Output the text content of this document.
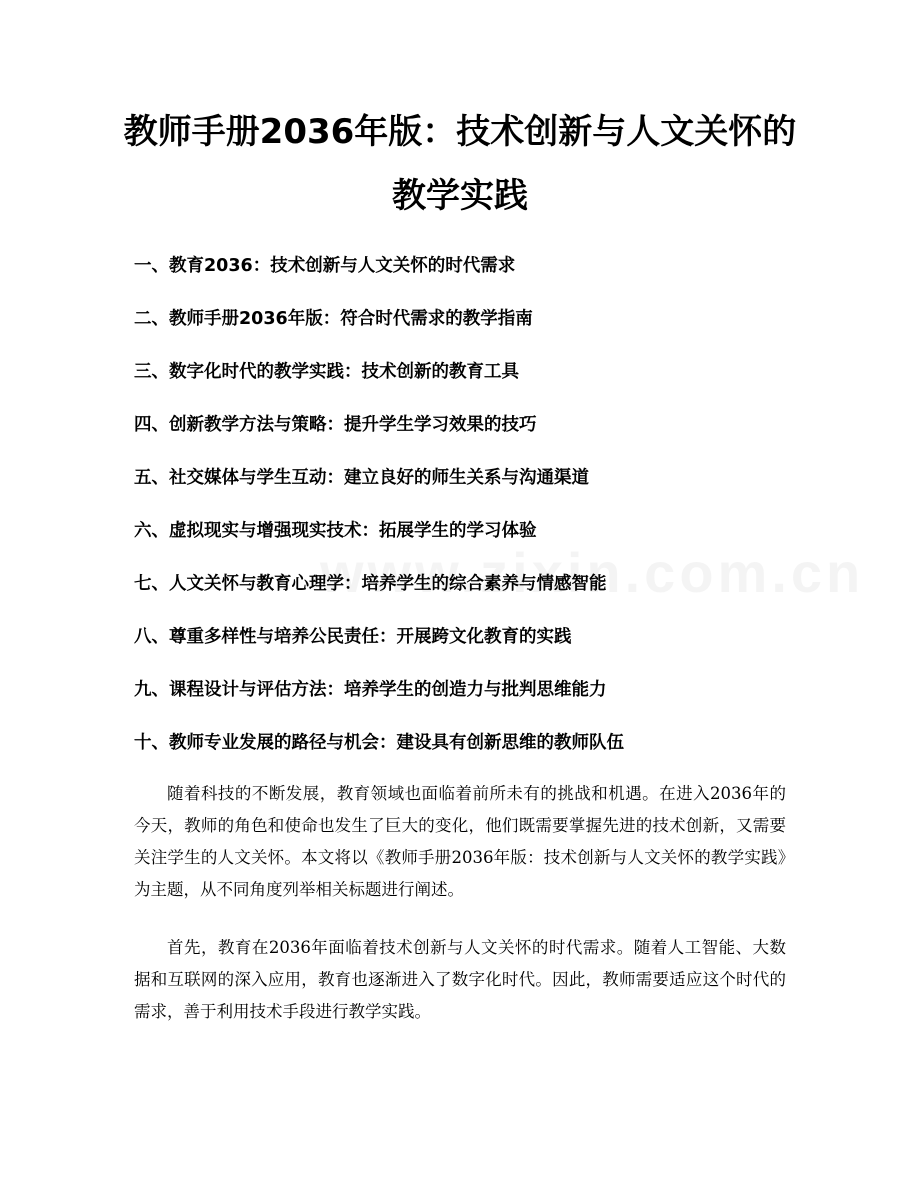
教师手册2036年版：技术创新与人文关怀的
教学实践
一、教育2036：技术创新与人文关怀的时代需求
二、教师手册2036年版：符合时代需求的教学指南
三、数字化时代的教学实践：技术创新的教育工具
四、创新教学方法与策略：提升学生学习效果的技巧
五、社交媒体与学生互动：建立良好的师生关系与沟通渠道
六、虚拟现实与增强现实技术：拓展学生的学习体验
七、人文关怀与教育心理学：培养学生的综合素养与情感智能
八、尊重多样性与培养公民责任：开展跨文化教育的实践
九、课程设计与评估方法：培养学生的创造力与批判思维能力
十、教师专业发展的路径与机会：建设具有创新思维的教师队伍

随着科技的不断发展，教育领域也面临着前所未有的挑战和机遇。在进入2036年的今天，教师的角色和使命也发生了巨大的变化，他们既需要掌握先进的技术创新，又需要关注学生的人文关怀。本文将以《教师手册2036年版：技术创新与人文关怀的教学实践》为主题，从不同角度列举相关标题进行阐述。

首先，教育在2036年面临着技术创新与人文关怀的时代需求。随着人工智能、大数据和互联网的深入应用，教育也逐渐进入了数字化时代。因此，教师需要适应这个时代的需求，善于利用技术手段进行教学实践。
